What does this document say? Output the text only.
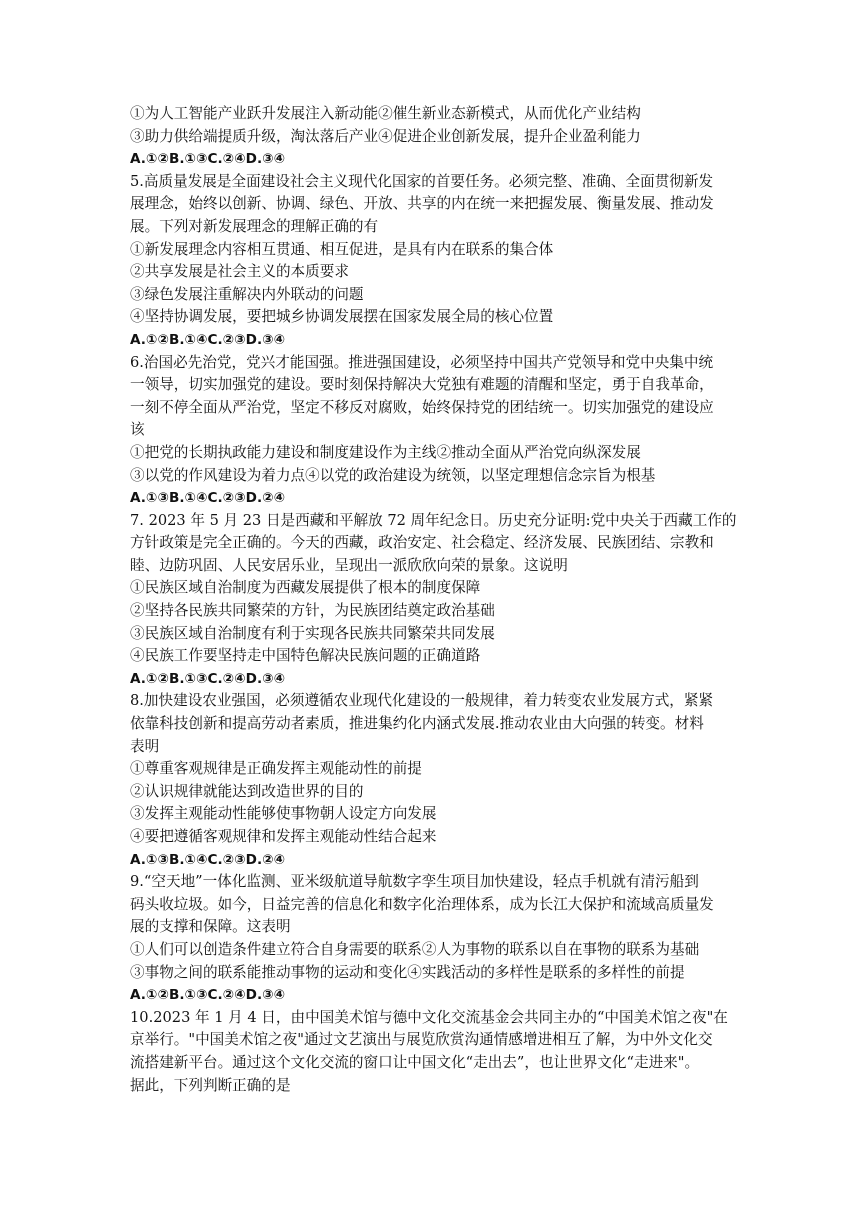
①为人工智能产业跃升发展注入新动能②催生新业态新模式，从而优化产业结构
③助力供给端提质升级，淘汰落后产业④促进企业创新发展，提升企业盈利能力
A.①②B.①③C.②④D.③④
5.高质量发展是全面建设社会主义现代化国家的首要任务。必须完整、准确、全面贯彻新发
展理念，始终以创新、协调、绿色、开放、共享的内在统一来把握发展、衡量发展、推动发
展。下列对新发展理念的理解正确的有
①新发展理念内容相互贯通、相互促进，是具有内在联系的集合体
②共享发展是社会主义的本质要求
③绿色发展注重解决内外联动的问题
④坚持协调发展，要把城乡协调发展摆在国家发展全局的核心位置
A.①②B.①④C.②③D.③④
6.治国必先治党，党兴才能国强。推进强国建设，必须坚持中国共产党领导和党中央集中统
一领导，切实加强党的建设。要时刻保持解决大党独有难题的清醒和坚定，勇于自我革命，
一刻不停全面从严治党，坚定不移反对腐败，始终保持党的团结统一。切实加强党的建设应
该
①把党的长期执政能力建设和制度建设作为主线②推动全面从严治党向纵深发展
③以党的作风建设为着力点④以党的政治建设为统领，以坚定理想信念宗旨为根基
A.①③B.①④C.②③D.②④
7. 2023 年 5 月 23 日是西藏和平解放 72 周年纪念日。历史充分证明:党中央关于西藏工作的
方针政策是完全正确的。今天的西藏，政治安定、社会稳定、经济发展、民族团结、宗教和
睦、边防巩固、人民安居乐业，呈现出一派欣欣向荣的景象。这说明
①民族区域自治制度为西藏发展提供了根本的制度保障
②坚持各民族共同繁荣的方针，为民族团结奠定政治基础
③民族区域自治制度有利于实现各民族共同繁荣共同发展
④民族工作要坚持走中国特色解决民族问题的正确道路
A.①②B.①③C.②④D.③④
8.加快建设农业强国，必须遵循农业现代化建设的一般规律，着力转变农业发展方式，紧紧
依靠科技创新和提高劳动者素质，推进集约化内涵式发展.推动农业由大向强的转变。材料
表明
①尊重客观规律是正确发挥主观能动性的前提
②认识规律就能达到改造世界的目的
③发挥主观能动性能够使事物朝人设定方向发展
④要把遵循客观规律和发挥主观能动性结合起来
A.①③B.①④C.②③D.②④
9.“空天地”一体化监测、亚米级航道导航数字孪生项目加快建设，轻点手机就有清污船到
码头收垃圾。如今，日益完善的信息化和数字化治理体系，成为长江大保护和流域高质量发
展的支撑和保障。这表明
①人们可以创造条件建立符合自身需要的联系②人为事物的联系以自在事物的联系为基础
③事物之间的联系能推动事物的运动和变化④实践活动的多样性是联系的多样性的前提
A.①②B.①③C.②④D.③④
10.2023 年 1 月 4 日，由中国美术馆与德中文化交流基金会共同主办的“中国美术馆之夜"在
京举行。"中国美术馆之夜"通过文艺演出与展览欣赏沟通情感增进相互了解，为中外文化交
流搭建新平台。通过这个文化交流的窗口让中国文化“走出去”，也让世界文化“走进来"。
据此，下列判断正确的是
